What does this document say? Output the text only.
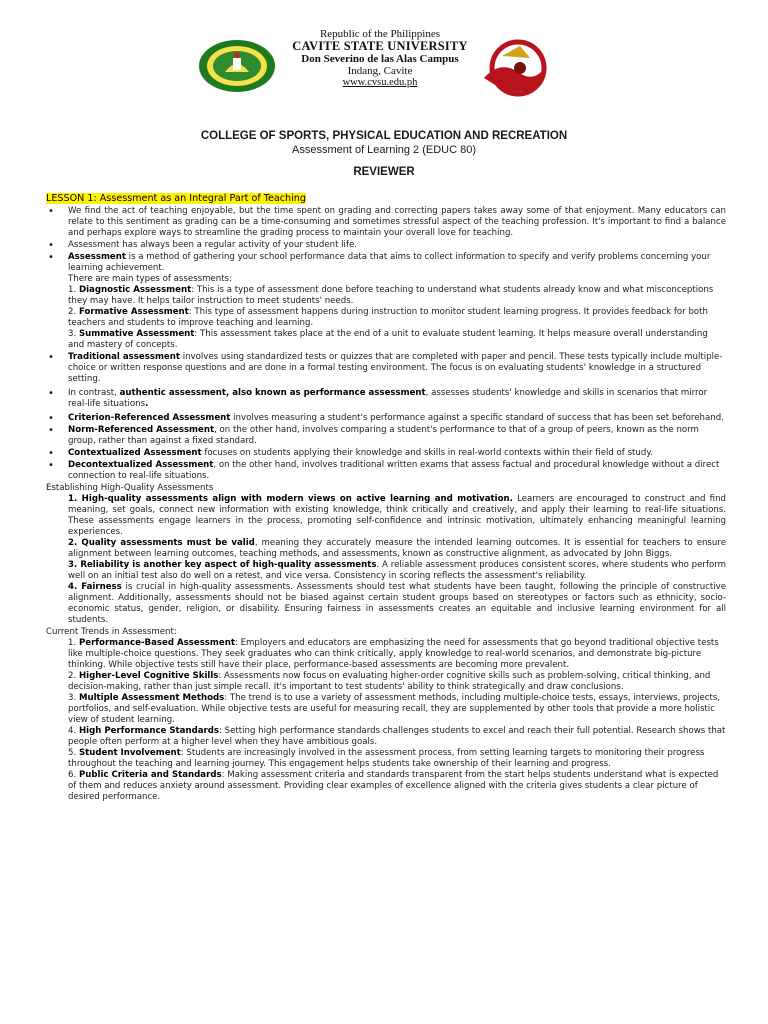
Republic of the Philippines
CAVITE STATE UNIVERSITY
Don Severino de las Alas Campus
Indang, Cavite
www.cvsu.edu.ph
COLLEGE OF SPORTS, PHYSICAL EDUCATION AND RECREATION
Assessment of Learning 2 (EDUC 80)
REVIEWER
LESSON 1: Assessment as an Integral Part of Teaching
• We find the act of teaching enjoyable, but the time spent on grading and correcting papers takes away some of that enjoyment. Many educators can relate to this sentiment as grading can be a time-consuming and sometimes stressful aspect of the teaching profession. It's important to find a balance and perhaps explore ways to streamline the grading process to maintain your overall love for teaching.
• Assessment has always been a regular activity of your student life.
• Assessment is a method of gathering your school performance data that aims to collect information to specify and verify problems concerning your learning achievement.
There are main types of assessments:
1. Diagnostic Assessment: This is a type of assessment done before teaching to understand what students already know and what misconceptions they may have. It helps tailor instruction to meet students' needs.
2. Formative Assessment: This type of assessment happens during instruction to monitor student learning progress. It provides feedback for both teachers and students to improve teaching and learning.
3. Summative Assessment: This assessment takes place at the end of a unit to evaluate student learning. It helps measure overall understanding and mastery of concepts.
• Traditional assessment involves using standardized tests or quizzes that are completed with paper and pencil. These tests typically include multiple-choice or written response questions and are done in a formal testing environment. The focus is on evaluating students' knowledge in a structured setting.
• In contrast, authentic assessment, also known as performance assessment, assesses students' knowledge and skills in scenarios that mirror real-life situations.
• Criterion-Referenced Assessment involves measuring a student's performance against a specific standard of success that has been set beforehand.
• Norm-Referenced Assessment, on the other hand, involves comparing a student's performance to that of a group of peers, known as the norm group, rather than against a fixed standard.
• Contextualized Assessment focuses on students applying their knowledge and skills in real-world contexts within their field of study.
• Decontextualized Assessment, on the other hand, involves traditional written exams that assess factual and procedural knowledge without a direct connection to real-life situations.
Establishing High-Quality Assessments
1. High-quality assessments align with modern views on active learning and motivation. Learners are encouraged to construct and find meaning, set goals, connect new information with existing knowledge, think critically and creatively, and apply their learning to real-life situations. These assessments engage learners in the process, promoting self-confidence and intrinsic motivation, ultimately enhancing meaningful learning experiences.
2. Quality assessments must be valid, meaning they accurately measure the intended learning outcomes. It is essential for teachers to ensure alignment between learning outcomes, teaching methods, and assessments, known as constructive alignment, as advocated by John Biggs.
3. Reliability is another key aspect of high-quality assessments. A reliable assessment produces consistent scores, where students who perform well on an initial test also do well on a retest, and vice versa. Consistency in scoring reflects the assessment's reliability.
4. Fairness is crucial in high-quality assessments. Assessments should test what students have been taught, following the principle of constructive alignment. Additionally, assessments should not be biased against certain student groups based on stereotypes or factors such as ethnicity, socio-economic status, gender, religion, or disability. Ensuring fairness in assessments creates an equitable and inclusive learning environment for all students.
Current Trends in Assessment:
1. Performance-Based Assessment: Employers and educators are emphasizing the need for assessments that go beyond traditional objective tests like multiple-choice questions. They seek graduates who can think critically, apply knowledge to real-world scenarios, and demonstrate big-picture thinking. While objective tests still have their place, performance-based assessments are becoming more prevalent.
2. Higher-Level Cognitive Skills: Assessments now focus on evaluating higher-order cognitive skills such as problem-solving, critical thinking, and decision-making, rather than just simple recall. It's important to test students' ability to think strategically and draw conclusions.
3. Multiple Assessment Methods: The trend is to use a variety of assessment methods, including multiple-choice tests, essays, interviews, projects, portfolios, and self-evaluation. While objective tests are useful for measuring recall, they are supplemented by other tools that provide a more holistic view of student learning.
4. High Performance Standards: Setting high performance standards challenges students to excel and reach their full potential. Research shows that people often perform at a higher level when they have ambitious goals.
5. Student Involvement: Students are increasingly involved in the assessment process, from setting learning targets to monitoring their progress throughout the teaching and learning journey. This engagement helps students take ownership of their learning and progress.
6. Public Criteria and Standards: Making assessment criteria and standards transparent from the start helps students understand what is expected of them and reduces anxiety around assessment. Providing clear examples of excellence aligned with the criteria gives students a clear picture of desired performance.
